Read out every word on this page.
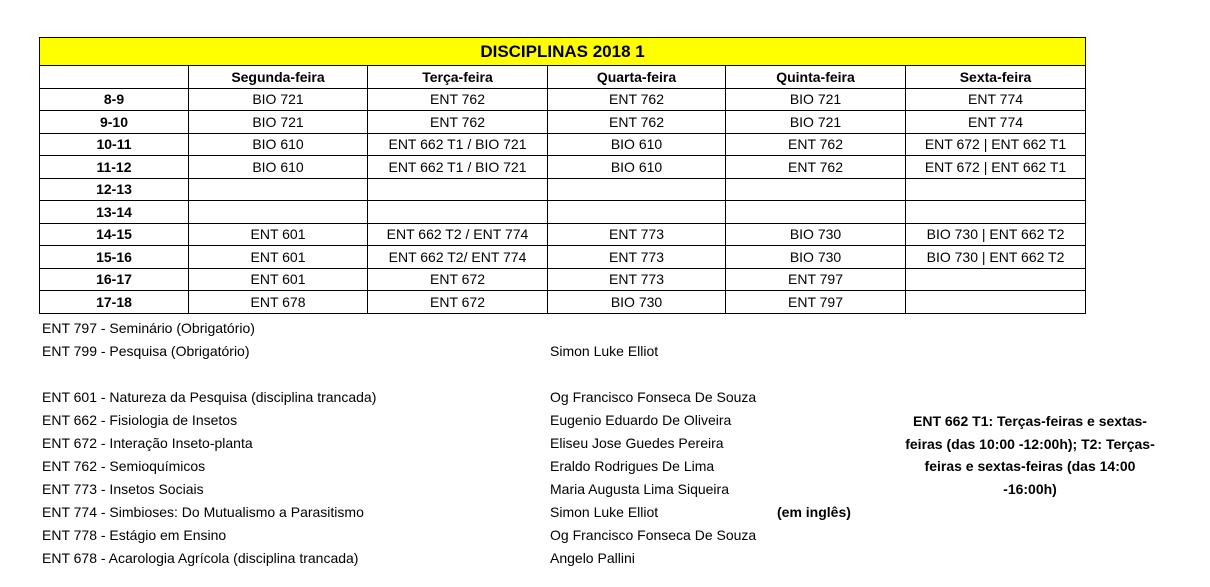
DISCIPLINAS 2018 1					
	Segunda-feira	Terça-feira	Quarta-feira	Quinta-feira	Sexta-feira
8-9	BIO 721	ENT 762	ENT 762	BIO 721	ENT 774
9-10	BIO 721	ENT 762	ENT 762	BIO 721	ENT 774
10-11	BIO 610	ENT 662 T1 / BIO 721	BIO 610	ENT 762	ENT 672 | ENT 662 T1
11-12	BIO 610	ENT 662 T1 / BIO 721	BIO 610	ENT 762	ENT 672 | ENT 662 T1
12-13					
13-14					
14-15	ENT 601	ENT 662 T2 / ENT 774	ENT 773	BIO 730	BIO 730 | ENT 662 T2
15-16	ENT 601	ENT 662 T2/ ENT 774	ENT 773	BIO 730	BIO 730 | ENT 662 T2
16-17	ENT 601	ENT 672	ENT 773	ENT 797	
17-18	ENT 678	ENT 672	BIO 730	ENT 797	
ENT 797 - Seminário (Obrigatório)
ENT 799 - Pesquisa (Obrigatório)	Simon Luke Elliot
ENT 601 - Natureza da Pesquisa (disciplina trancada)	Og Francisco Fonseca De Souza
ENT 662 - Fisiologia de Insetos	Eugenio Eduardo De Oliveira
ENT 672 - Interação Inseto-planta	Eliseu Jose Guedes Pereira
ENT 762 - Semioquímicos	Eraldo Rodrigues De Lima
ENT 773 - Insetos Sociais	Maria Augusta Lima Siqueira
ENT 774 - Simbioses: Do Mutualismo a Parasitismo	Simon Luke Elliot	(em inglês)
ENT 778 - Estágio em Ensino	Og Francisco Fonseca De Souza
ENT 678 - Acarologia Agrícola (disciplina trancada)	Angelo Pallini
ENT 662 T1: Terças-feiras e sextas-feiras (das 10:00 -12:00h); T2: Terças-feiras e sextas-feiras (das 14:00 -16:00h)
